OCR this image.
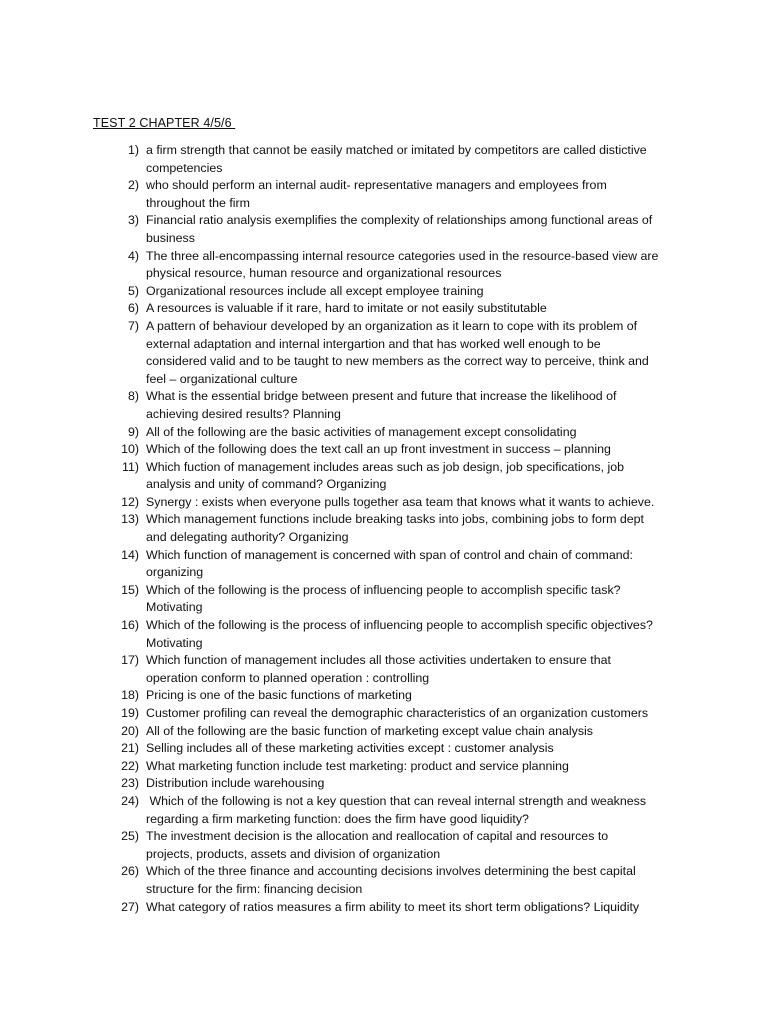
TEST 2 CHAPTER 4/5/6
1) a firm strength that cannot be easily matched or imitated by competitors are called distictive
competencies
2) who should perform an internal audit- representative managers and employees from
throughout the firm
3) Financial ratio analysis exemplifies the complexity of relationships among functional areas of
business
4) The three all-encompassing internal resource categories used in the resource-based view are
physical resource, human resource and organizational resources
5) Organizational resources include all except employee training
6) A resources is valuable if it rare, hard to imitate or not easily substitutable
7) A pattern of behaviour developed by an organization as it learn to cope with its problem of
external adaptation and internal intergartion and that has worked well enough to be
considered valid and to be taught to new members as the correct way to perceive, think and
feel – organizational culture
8) What is the essential bridge between present and future that increase the likelihood of
achieving desired results? Planning
9) All of the following are the basic activities of management except consolidating
10) Which of the following does the text call an up front investment in success – planning
11) Which fuction of management includes areas such as job design, job specifications, job
analysis and unity of command? Organizing
12) Synergy : exists when everyone pulls together asa team that knows what it wants to achieve.
13) Which management functions include breaking tasks into jobs, combining jobs to form dept
and delegating authority? Organizing
14) Which function of management is concerned with span of control and chain of command:
organizing
15) Which of the following is the process of influencing people to accomplish specific task?
Motivating
16) Which of the following is the process of influencing people to accomplish specific objectives?
Motivating
17) Which function of management includes all those activities undertaken to ensure that
operation conform to planned operation : controlling
18) Pricing is one of the basic functions of marketing
19) Customer profiling can reveal the demographic characteristics of an organization customers
20) All of the following are the basic function of marketing except value chain analysis
21) Selling includes all of these marketing activities except : customer analysis
22) What marketing function include test marketing: product and service planning
23) Distribution include warehousing
24) Which of the following is not a key question that can reveal internal strength and weakness
regarding a firm marketing function: does the firm have good liquidity?
25) The investment decision is the allocation and reallocation of capital and resources to
projects, products, assets and division of organization
26) Which of the three finance and accounting decisions involves determining the best capital
structure for the firm: financing decision
27) What category of ratios measures a firm ability to meet its short term obligations? Liquidity
